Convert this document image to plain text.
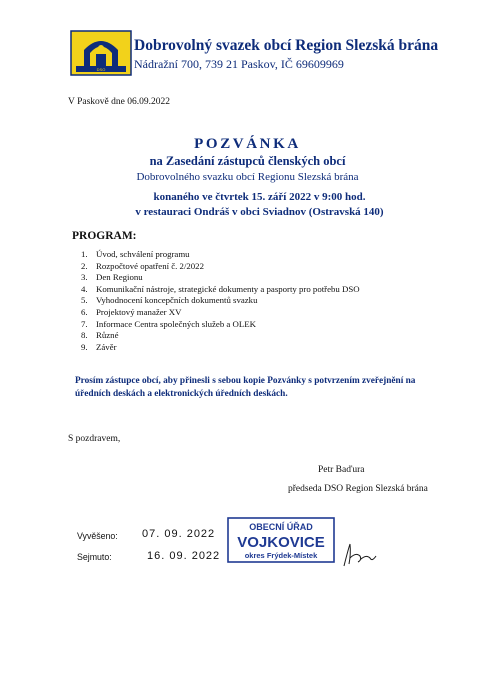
DSO
Dobrovolný svazek obcí Region Slezská brána
Nádražní 700, 739 21 Paskov, IČ 69609969
V Paskově dne 06.09.2022
POZVÁNKA
na Zasedání zástupců členských obcí
Dobrovolného svazku obcí Regionu Slezská brána
konaného ve čtvrtek 15. září 2022 v 9:00 hod.
v restauraci Ondráš v obci Sviadnov (Ostravská 140)
PROGRAM:
1. Úvod, schválení programu
2. Rozpočtové opatření č. 2/2022
3. Den Regionu
4. Komunikační nástroje, strategické dokumenty a pasporty pro potřebu DSO
5. Vyhodnocení koncepčních dokumentů svazku
6. Projektový manažer XV
7. Informace Centra společných služeb a OLEK
8. Různé
9. Závěr
Prosím zástupce obcí, aby přinesli s sebou kopie Pozvánky s potvrzením zveřejnění na úředních deskách a elektronických úředních deskách.
S pozdravem,
Petr Baďura
předseda DSO Region Slezská brána
Vyvěšeno: 07. 09. 2022
Sejmuto:	16. 09. 2022
OBECNÍ ÚŘAD
VOJKOVICE
okres Frýdek-Místek
